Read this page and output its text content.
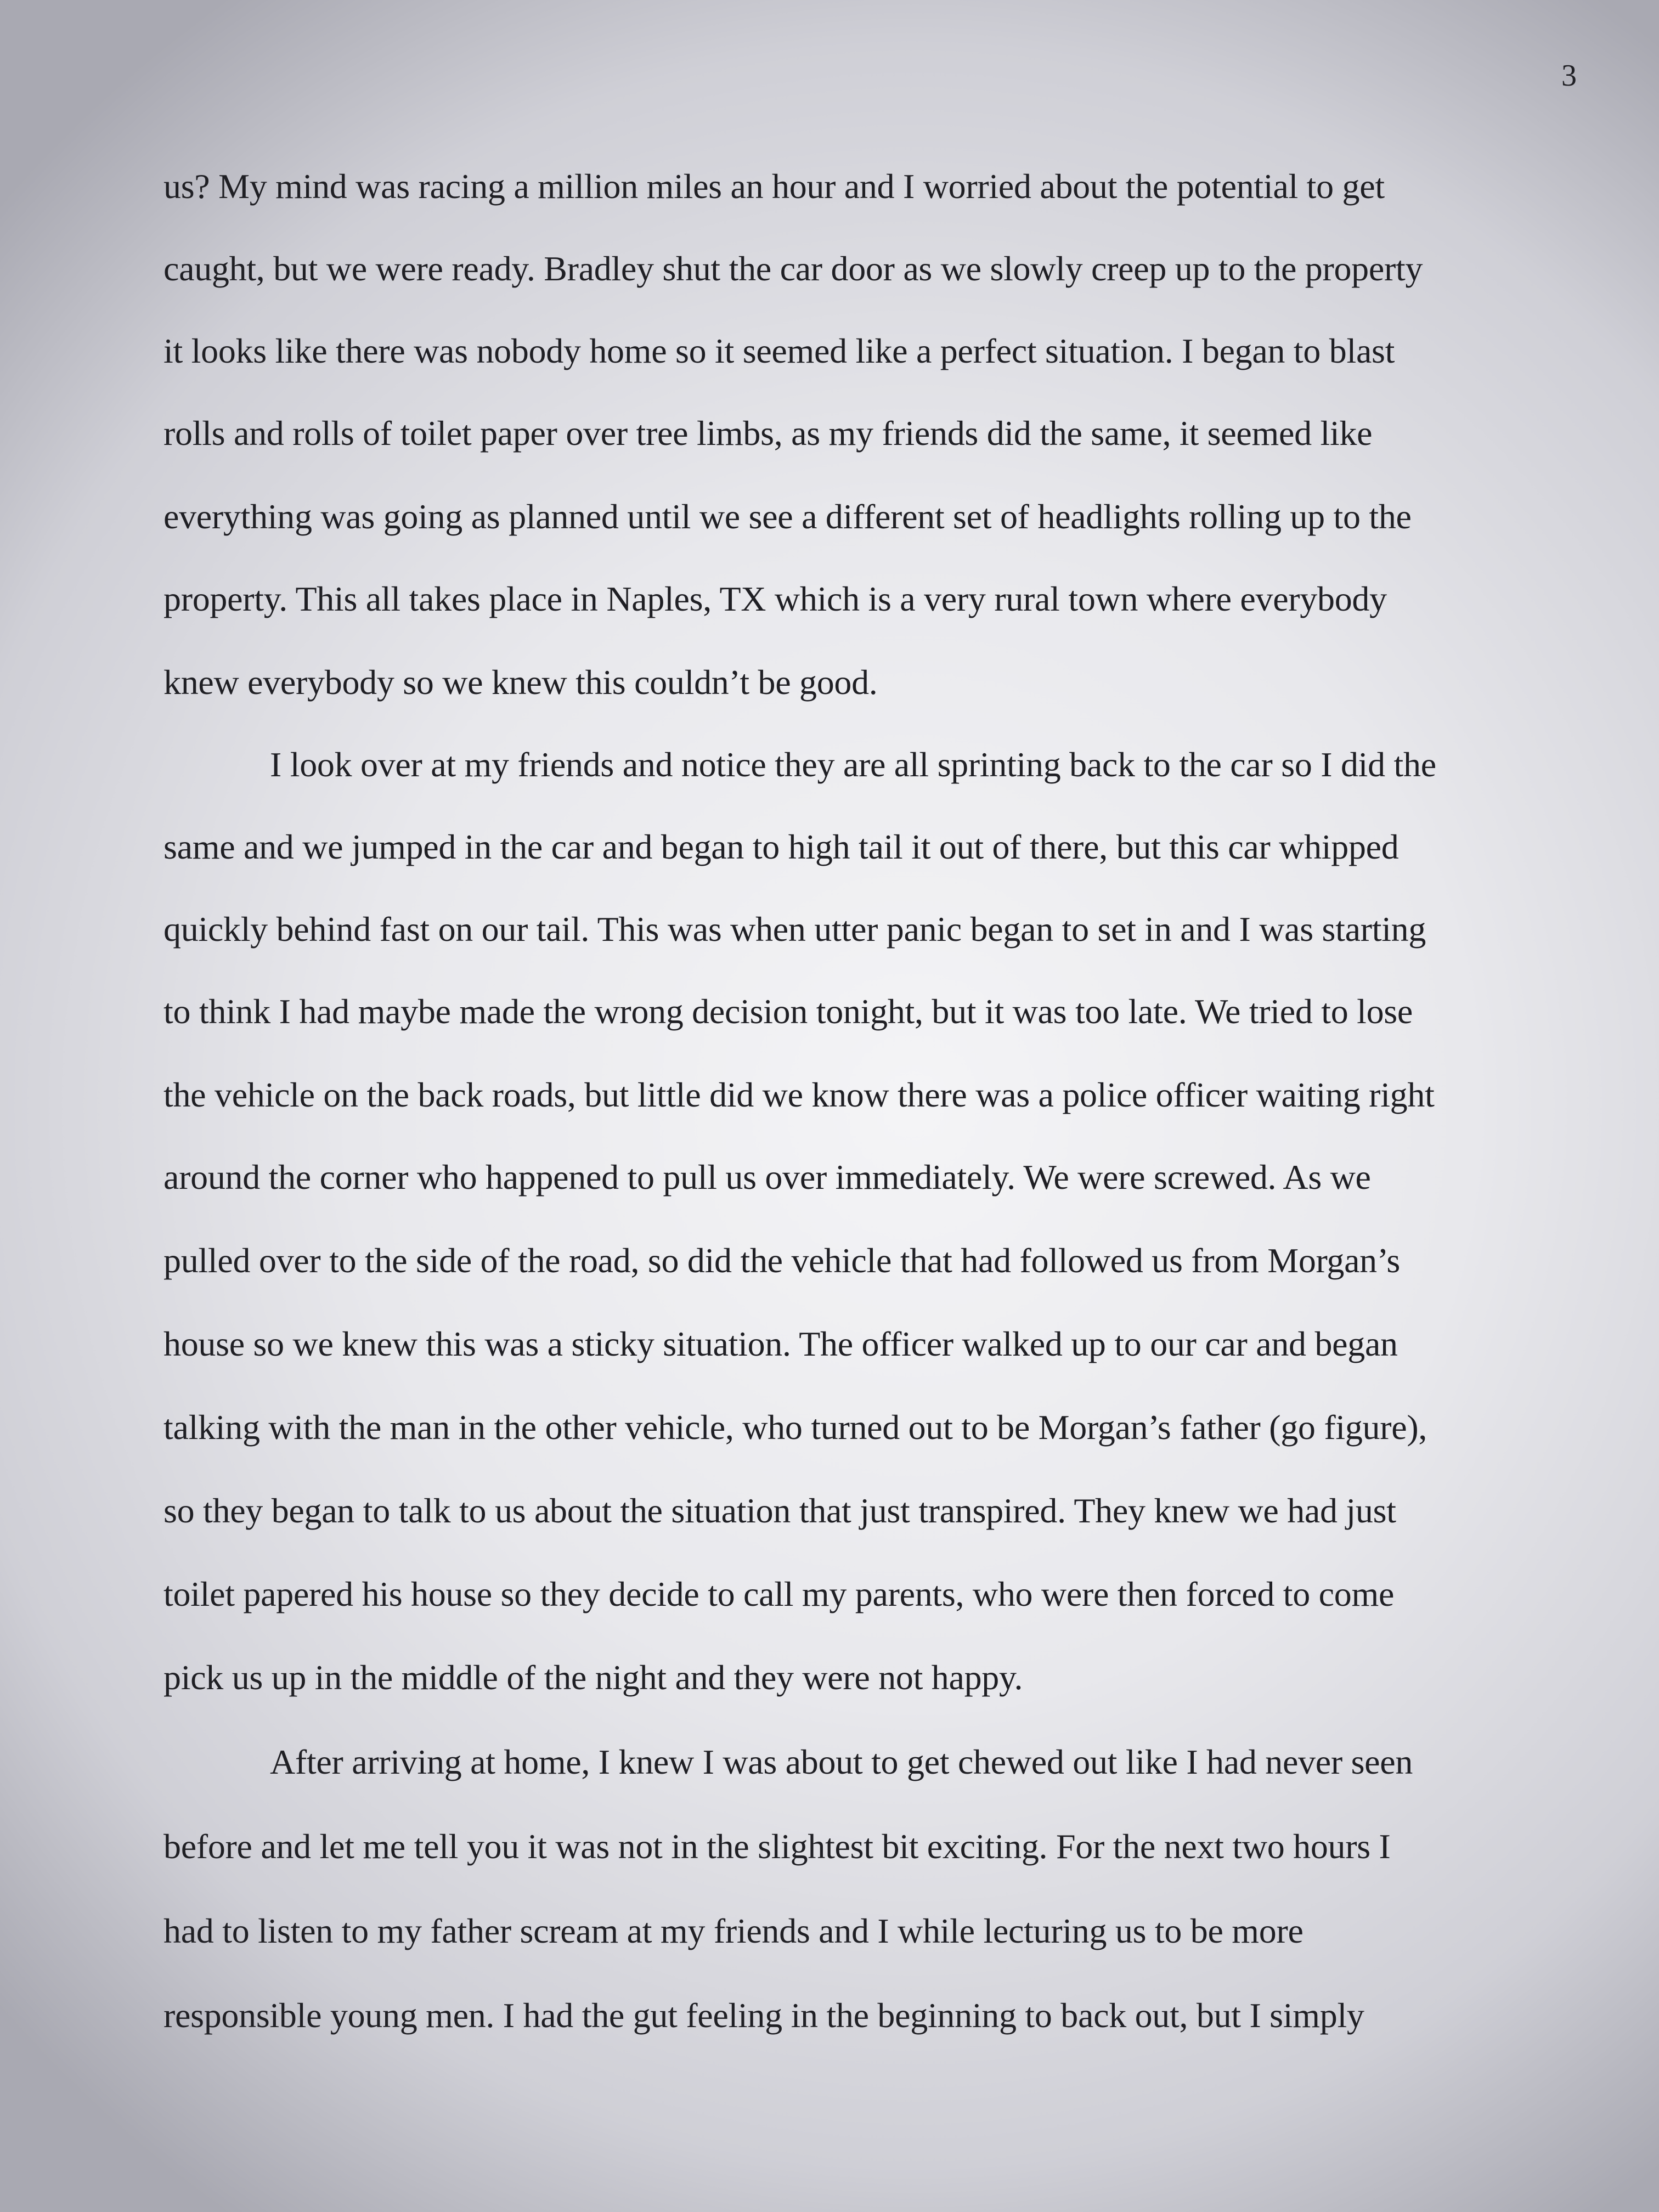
3
us? My mind was racing a million miles an hour and I worried about the potential to get
caught, but we were ready. Bradley shut the car door as we slowly creep up to the property
it looks like there was nobody home so it seemed like a perfect situation. I began to blast
rolls and rolls of toilet paper over tree limbs, as my friends did the same, it seemed like
everything was going as planned until we see a different set of headlights rolling up to the
property. This all takes place in Naples, TX which is a very rural town where everybody
knew everybody so we knew this couldn’t be good.
I look over at my friends and notice they are all sprinting back to the car so I did the
same and we jumped in the car and began to high tail it out of there, but this car whipped
quickly behind fast on our tail. This was when utter panic began to set in and I was starting
to think I had maybe made the wrong decision tonight, but it was too late. We tried to lose
the vehicle on the back roads, but little did we know there was a police officer waiting right
around the corner who happened to pull us over immediately. We were screwed. As we
pulled over to the side of the road, so did the vehicle that had followed us from Morgan’s
house so we knew this was a sticky situation. The officer walked up to our car and began
talking with the man in the other vehicle, who turned out to be Morgan’s father (go figure),
so they began to talk to us about the situation that just transpired. They knew we had just
toilet papered his house so they decide to call my parents, who were then forced to come
pick us up in the middle of the night and they were not happy.
After arriving at home, I knew I was about to get chewed out like I had never seen
before and let me tell you it was not in the slightest bit exciting. For the next two hours I
had to listen to my father scream at my friends and I while lecturing us to be more
responsible young men. I had the gut feeling in the beginning to back out, but I simply
